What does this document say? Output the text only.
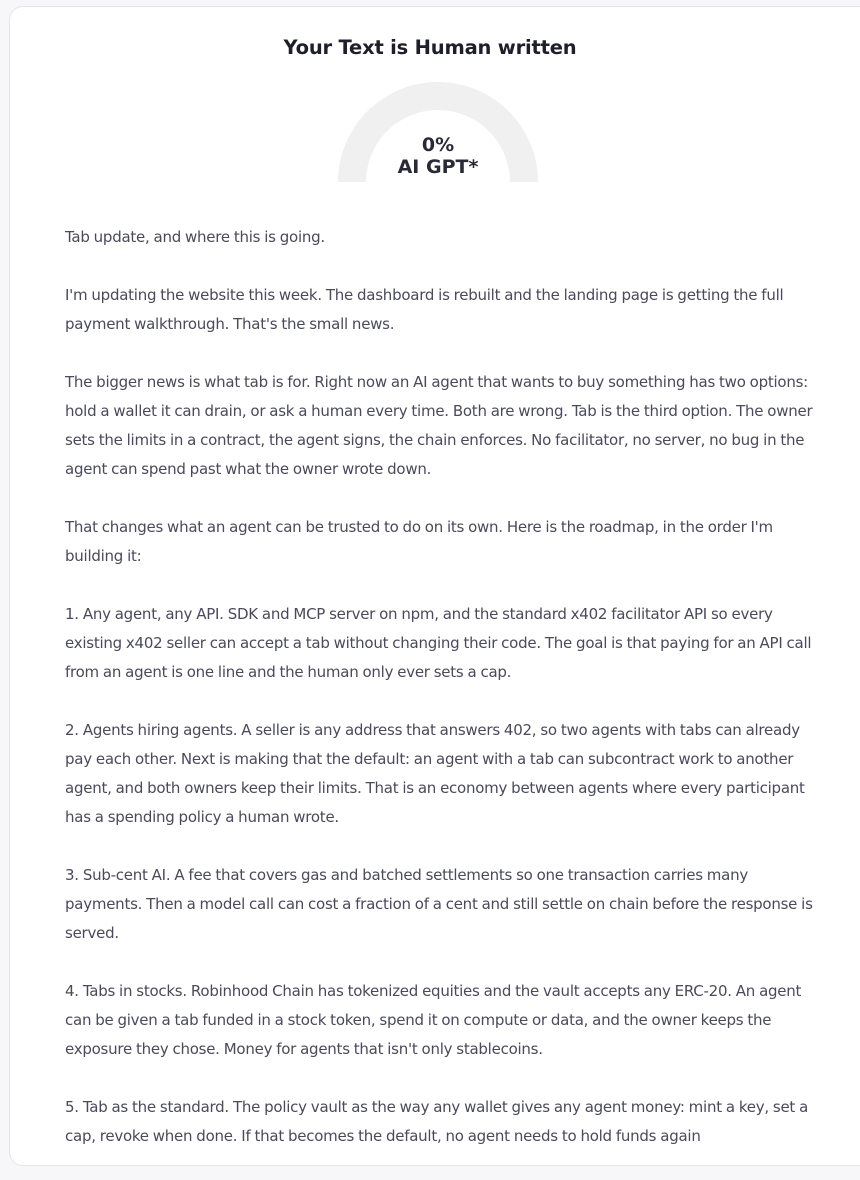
Your Text is Human written
0%
AI GPT*

Tab update, and where this is going.

I'm updating the website this week. The dashboard is rebuilt and the landing page is getting the full payment walkthrough. That's the small news.

The bigger news is what tab is for. Right now an AI agent that wants to buy something has two options: hold a wallet it can drain, or ask a human every time. Both are wrong. Tab is the third option. The owner sets the limits in a contract, the agent signs, the chain enforces. No facilitator, no server, no bug in the agent can spend past what the owner wrote down.

That changes what an agent can be trusted to do on its own. Here is the roadmap, in the order I'm building it:

1. Any agent, any API. SDK and MCP server on npm, and the standard x402 facilitator API so every existing x402 seller can accept a tab without changing their code. The goal is that paying for an API call from an agent is one line and the human only ever sets a cap.

2. Agents hiring agents. A seller is any address that answers 402, so two agents with tabs can already pay each other. Next is making that the default: an agent with a tab can subcontract work to another agent, and both owners keep their limits. That is an economy between agents where every participant has a spending policy a human wrote.

3. Sub-cent AI. A fee that covers gas and batched settlements so one transaction carries many payments. Then a model call can cost a fraction of a cent and still settle on chain before the response is served.

4. Tabs in stocks. Robinhood Chain has tokenized equities and the vault accepts any ERC-20. An agent can be given a tab funded in a stock token, spend it on compute or data, and the owner keeps the exposure they chose. Money for agents that isn't only stablecoins.

5. Tab as the standard. The policy vault as the way any wallet gives any agent money: mint a key, set a cap, revoke when done. If that becomes the default, no agent needs to hold funds again
